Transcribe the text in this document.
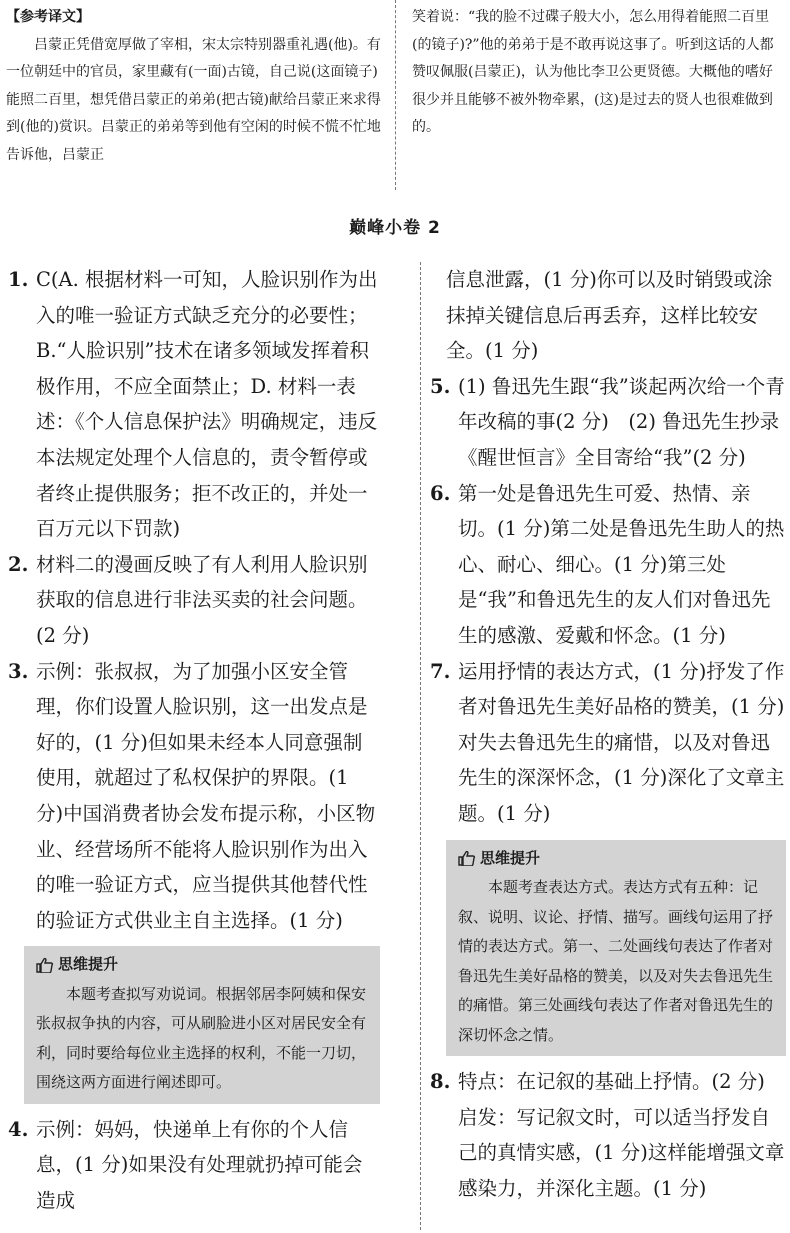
【参考译文】

吕蒙正凭借宽厚做了宰相，宋太宗特别器重礼遇(他)。有一位朝廷中的官员，家里藏有(一面)古镜，自己说(这面镜子)能照二百里，想凭借吕蒙正的弟弟(把古镜)献给吕蒙正来求得到(他的)赏识。吕蒙正的弟弟等到他有空闲的时候不慌不忙地告诉他，吕蒙正

笑着说：“我的脸不过碟子般大小，怎么用得着能照二百里(的镜子)?”他的弟弟于是不敢再说这事了。听到这话的人都赞叹佩服(吕蒙正)，认为他比李卫公更贤德。大概他的嗜好很少并且能够不被外物牵累，(这)是过去的贤人也很难做到的。

巅峰小卷 2
1. C(A. 根据材料一可知，人脸识别作为出入的唯一验证方式缺乏充分的必要性；B.“人脸识别”技术在诸多领域发挥着积极作用，不应全面禁止；D. 材料一表述：《个人信息保护法》明确规定，违反本法规定处理个人信息的，责令暂停或者终止提供服务；拒不改正的，并处一百万元以下罚款)
2. 材料二的漫画反映了有人利用人脸识别获取的信息进行非法买卖的社会问题。(2 分)
3. 示例：张叔叔，为了加强小区安全管理，你们设置人脸识别，这一出发点是好的，(1 分)但如果未经本人同意强制使用，就超过了私权保护的界限。(1 分)中国消费者协会发布提示称，小区物业、经营场所不能将人脸识别作为出入的唯一验证方式，应当提供其他替代性的验证方式供业主自主选择。(1 分)
思维提升

本题考查拟写劝说词。根据邻居李阿姨和保安张叔叔争执的内容，可从刷脸进小区对居民安全有利，同时要给每位业主选择的权利，不能一刀切，围绕这两方面进行阐述即可。

4. 示例：妈妈，快递单上有你的个人信息，(1 分)如果没有处理就扔掉可能会造成
信息泄露，(1 分)你可以及时销毁或涂抹掉关键信息后再丢弃，这样比较安全。(1 分)
5. (1) 鲁迅先生跟“我”谈起两次给一个青年改稿的事(2 分)　(2) 鲁迅先生抄录《醒世恒言》全目寄给“我”(2 分)
6. 第一处是鲁迅先生可爱、热情、亲切。(1 分)第二处是鲁迅先生助人的热心、耐心、细心。(1 分)第三处是“我”和鲁迅先生的友人们对鲁迅先生的感激、爱戴和怀念。(1 分)
7. 运用抒情的表达方式，(1 分)抒发了作者对鲁迅先生美好品格的赞美，(1 分)对失去鲁迅先生的痛惜，以及对鲁迅先生的深深怀念，(1 分)深化了文章主题。(1 分)
思维提升

本题考查表达方式。表达方式有五种：记叙、说明、议论、抒情、描写。画线句运用了抒情的表达方式。第一、二处画线句表达了作者对鲁迅先生美好品格的赞美，以及对失去鲁迅先生的痛惜。第三处画线句表达了作者对鲁迅先生的深切怀念之情。

8. 特点：在记叙的基础上抒情。(2 分)　启发：写记叙文时，可以适当抒发自己的真情实感，(1 分)这样能增强文章感染力，并深化主题。(1 分)
